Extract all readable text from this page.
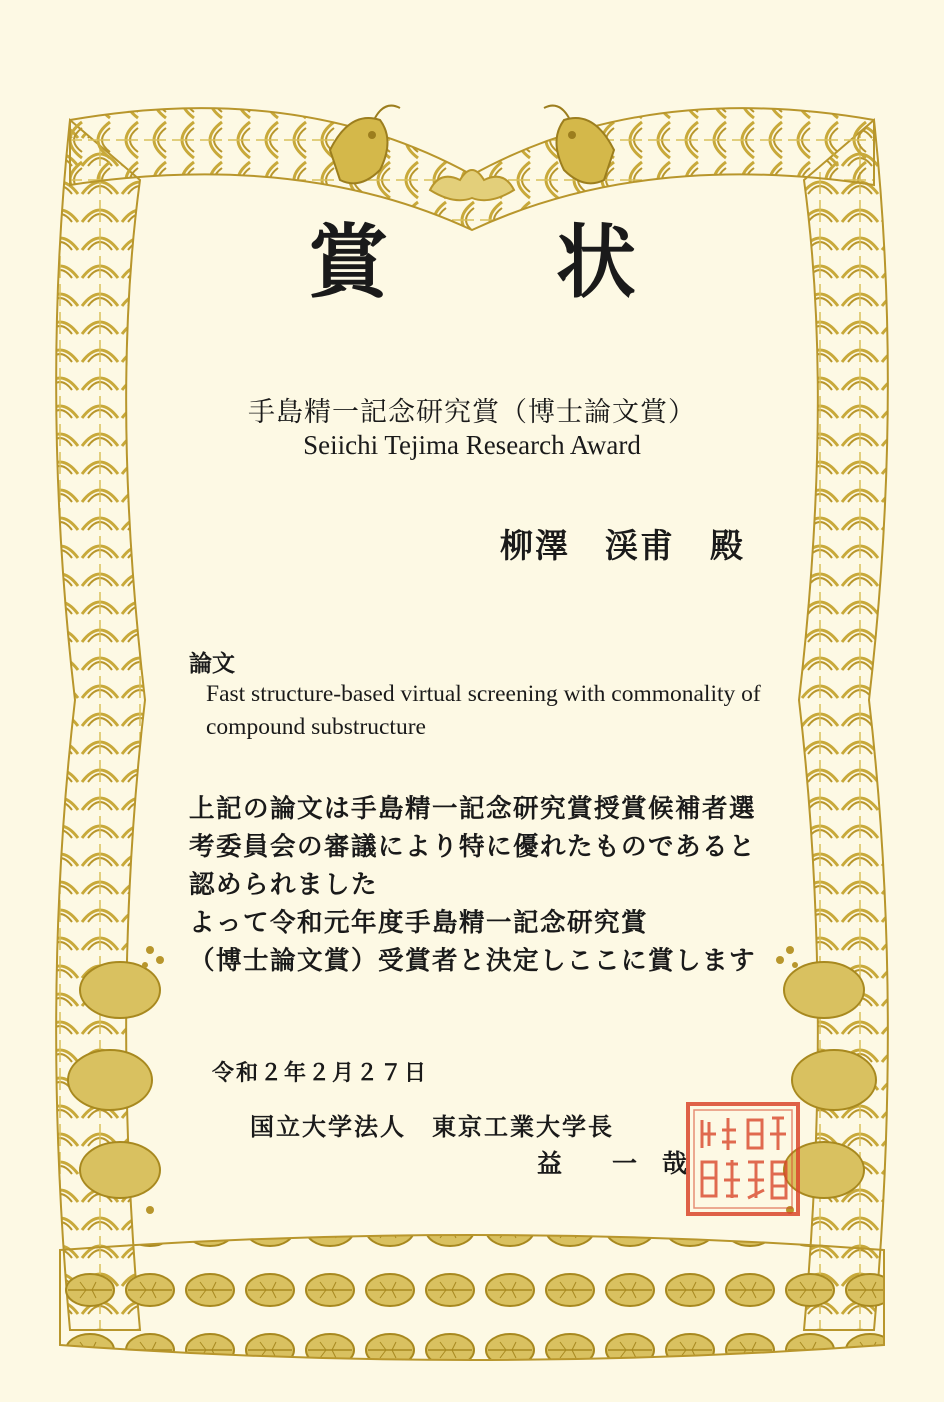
賞 状
手島精一記念研究賞（博士論文賞）
Seiichi Tejima Research Award
柳澤　渓甫　殿
論文
Fast structure-based virtual screening with commonality of compound substructure
上記の論文は手島精一記念研究賞授賞候補者選
考委員会の審議により特に優れたものであると
認められました
よって令和元年度手島精一記念研究賞
（博士論文賞）受賞者と決定しここに賞します
令和２年２月２７日
国立大学法人　東京工業大学長
益　　一　哉
